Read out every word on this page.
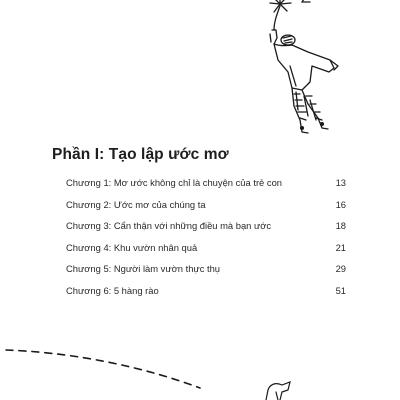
Phần I: Tạo lập ước mơ
Chương 1: Mơ ước không chỉ là chuyện của trẻ con	13
Chương 2: Ước mơ của chúng ta	16
Chương 3: Cẩn thận với những điều mà bạn ước	18
Chương 4: Khu vườn nhân quả	21
Chương 5: Người làm vườn thực thụ	29
Chương 6: 5 hàng rào	51
